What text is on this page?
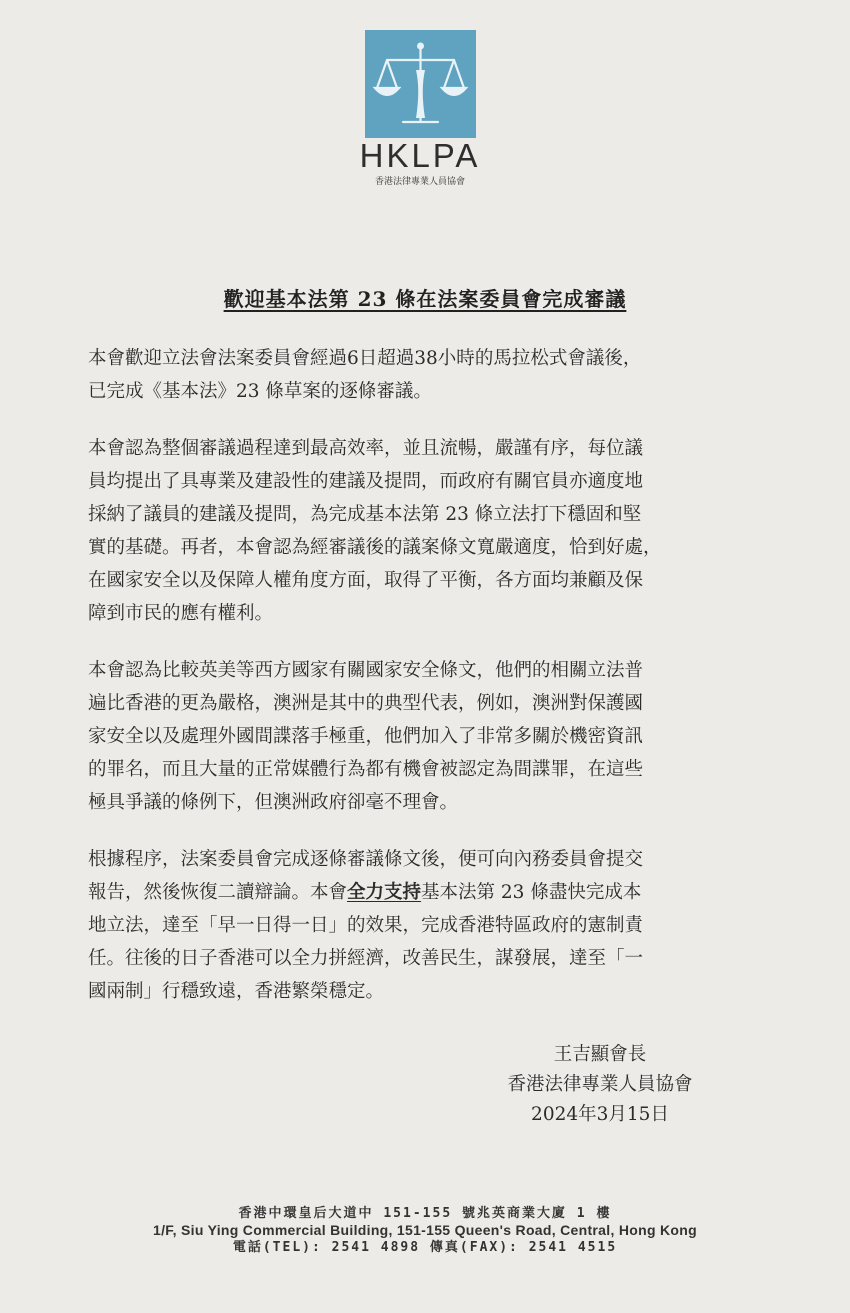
HKLPA
香港法律專業人員協會
歡迎基本法第 23 條在法案委員會完成審議

本會歡迎立法會法案委員會經過6日超過38小時的馬拉松式會議後，
已完成《基本法》23 條草案的逐條審議。

本會認為整個審議過程達到最高效率，並且流暢，嚴謹有序，每位議
員均提出了具專業及建設性的建議及提問，而政府有關官員亦適度地
採納了議員的建議及提問，為完成基本法第 23 條立法打下穩固和堅
實的基礎。再者，本會認為經審議後的議案條文寬嚴適度，恰到好處，
在國家安全以及保障人權角度方面，取得了平衡，各方面均兼顧及保
障到市民的應有權利。

本會認為比較英美等西方國家有關國家安全條文，他們的相關立法普
遍比香港的更為嚴格，澳洲是其中的典型代表，例如，澳洲對保護國
家安全以及處理外國間諜落手極重，他們加入了非常多關於機密資訊
的罪名，而且大量的正常媒體行為都有機會被認定為間諜罪，在這些
極具爭議的條例下，但澳洲政府卻毫不理會。

根據程序，法案委員會完成逐條審議條文後，便可向內務委員會提交
報告，然後恢復二讀辯論。本會全力支持基本法第 23 條盡快完成本
地立法，達至「早一日得一日」的效果，完成香港特區政府的憲制責
任。往後的日子香港可以全力拼經濟，改善民生，謀發展，達至「一
國兩制」行穩致遠，香港繁榮穩定。

王吉顯會長
香港法律專業人員協會
2024年3月15日
香港中環皇后大道中 151-155 號兆英商業大廈 1 樓
1/F, Siu Ying Commercial Building, 151-155 Queen's Road, Central, Hong Kong
電話(TEL): 2541 4898 傳真(FAX): 2541 4515
